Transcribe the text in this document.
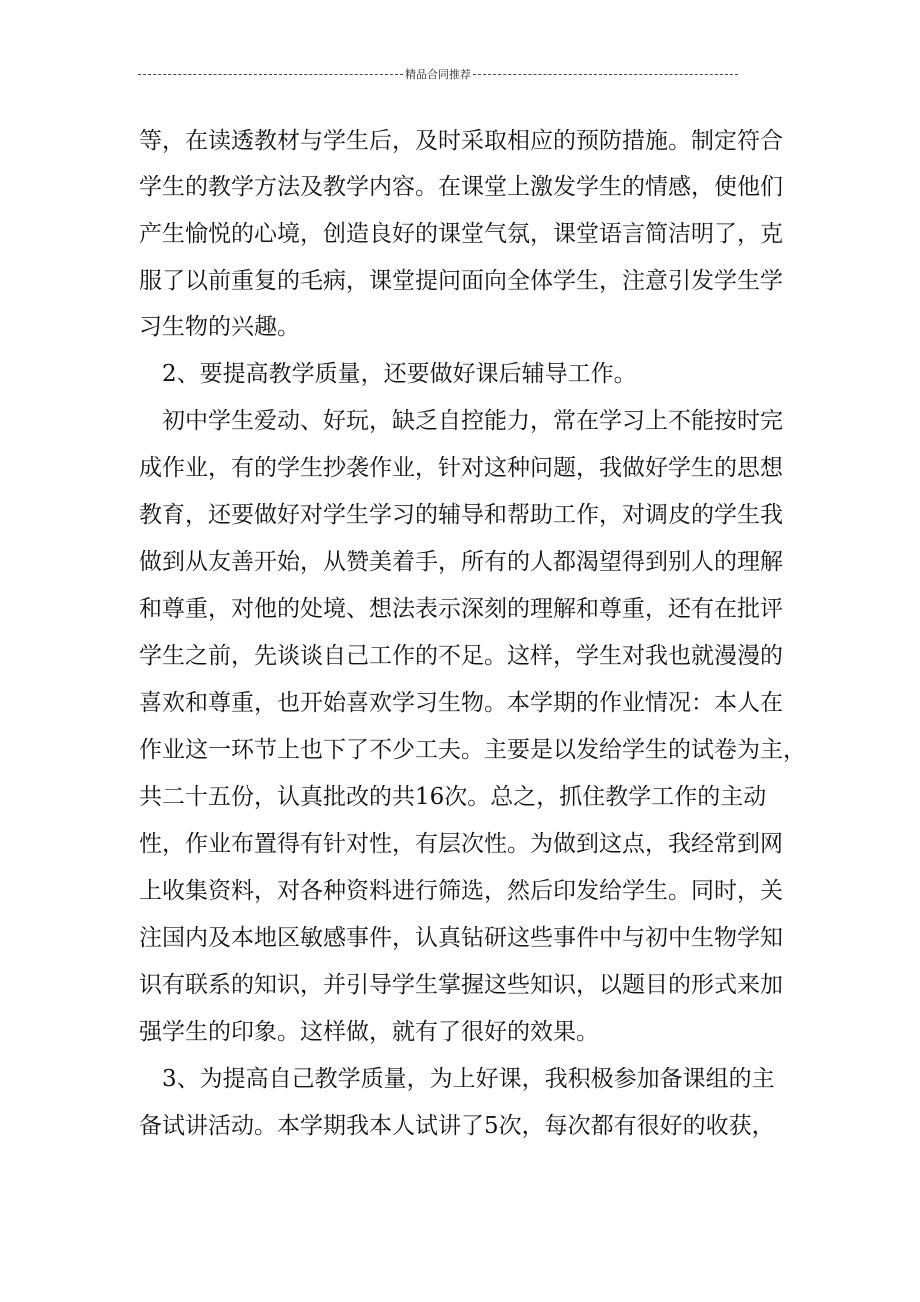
精品合同推荐
等，在读透教材与学生后，及时采取相应的预防措施。制定符合
学生的教学方法及教学内容。在课堂上激发学生的情感，使他们
产生愉悦的心境，创造良好的课堂气氛，课堂语言简洁明了，克
服了以前重复的毛病，课堂提问面向全体学生，注意引发学生学
习生物的兴趣。
2、要提高教学质量，还要做好课后辅导工作。
初中学生爱动、好玩，缺乏自控能力，常在学习上不能按时完
成作业，有的学生抄袭作业，针对这种问题，我做好学生的思想
教育，还要做好对学生学习的辅导和帮助工作，对调皮的学生我
做到从友善开始，从赞美着手，所有的人都渴望得到别人的理解
和尊重，对他的处境、想法表示深刻的理解和尊重，还有在批评
学生之前，先谈谈自己工作的不足。这样，学生对我也就漫漫的
喜欢和尊重，也开始喜欢学习生物。本学期的作业情况：本人在
作业这一环节上也下了不少工夫。主要是以发给学生的试卷为主，
共二十五份，认真批改的共16次。总之，抓住教学工作的主动
性，作业布置得有针对性，有层次性。为做到这点，我经常到网
上收集资料，对各种资料进行筛选，然后印发给学生。同时，关
注国内及本地区敏感事件，认真钻研这些事件中与初中生物学知
识有联系的知识，并引导学生掌握这些知识，以题目的形式来加
强学生的印象。这样做，就有了很好的效果。
3、为提高自己教学质量，为上好课，我积极参加备课组的主
备试讲活动。本学期我本人试讲了5次，每次都有很好的收获，
